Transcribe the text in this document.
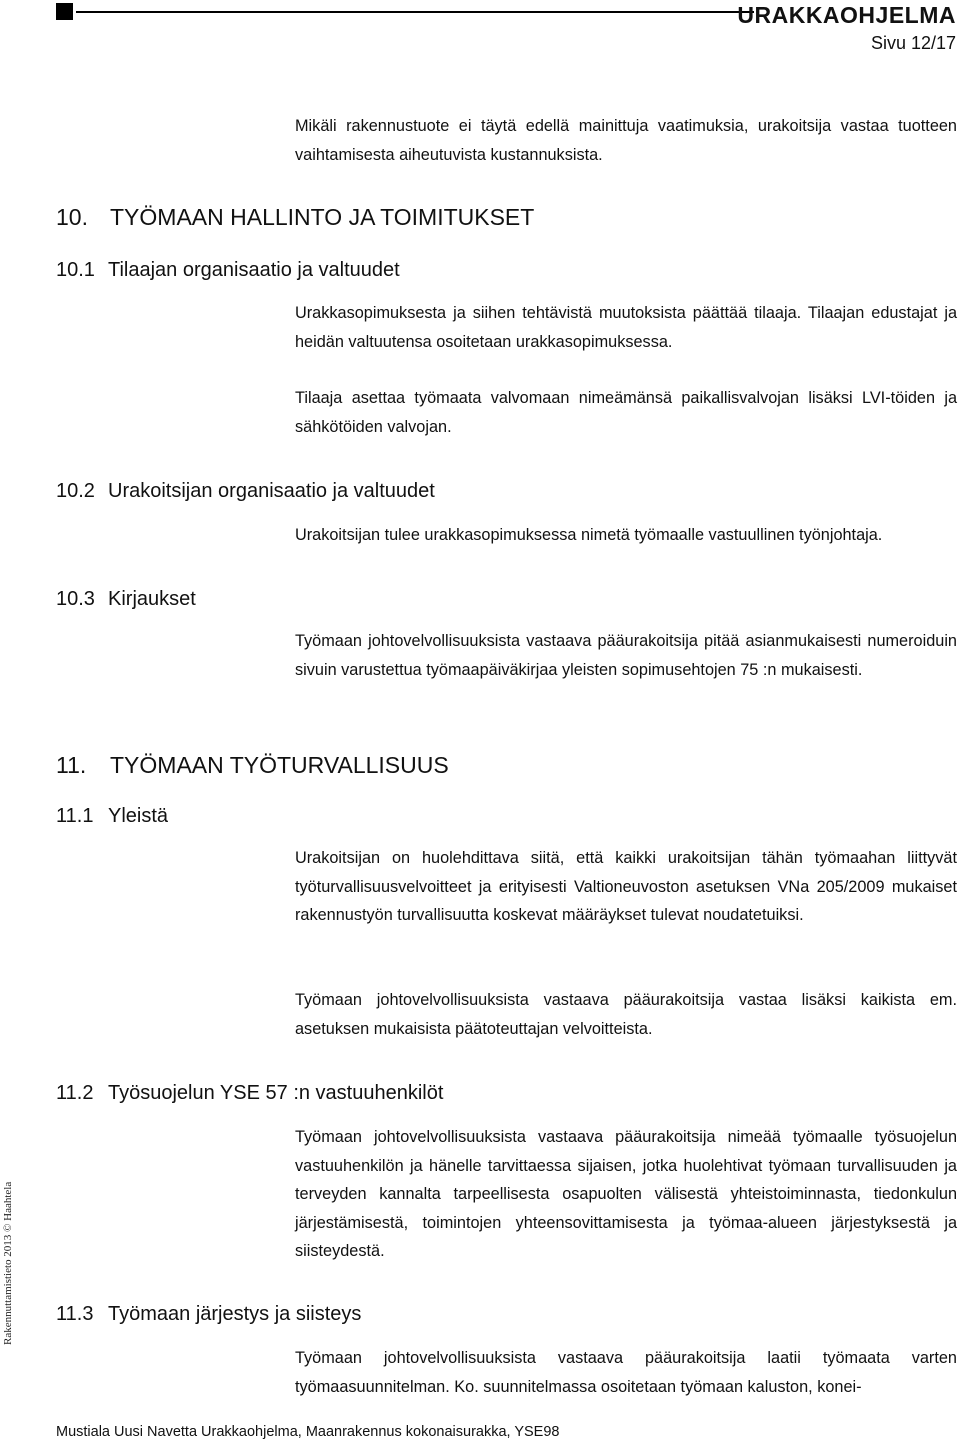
URAKKAOHJELMA
Sivu 12/17

Mikäli rakennustuote ei täytä edellä mainittuja vaatimuksia, urakoitsija vastaa tuotteen vaihtamisesta aiheutuvista kustannuksista.

10. TYÖMAAN HALLINTO JA TOIMITUKSET
10.1 Tilaajan organisaatio ja valtuudet

Urakkasopimuksesta ja siihen tehtävistä muutoksista päättää tilaaja. Tilaajan edustajat ja heidän valtuutensa osoitetaan urakkasopimuksessa.

Tilaaja asettaa työmaata valvomaan nimeämänsä paikallisvalvojan lisäksi LVI-töiden ja sähkötöiden valvojan.

10.2 Urakoitsijan organisaatio ja valtuudet

Urakoitsijan tulee urakkasopimuksessa nimetä työmaalle vastuullinen työnjohtaja.

10.3 Kirjaukset

Työmaan johtovelvollisuuksista vastaava pääurakoitsija pitää asianmukaisesti numeroiduin sivuin varustettua työmaapäiväkirjaa yleisten sopimusehtojen 75 :n mukaisesti.

11. TYÖMAAN TYÖTURVALLISUUS
11.1 Yleistä

Urakoitsijan on huolehdittava siitä, että kaikki urakoitsijan tähän työmaahan liittyvät työturvallisuusvelvoitteet ja erityisesti Valtioneuvoston asetuksen VNa 205/2009 mukaiset rakennustyön turvallisuutta koskevat määräykset tulevat noudatetuiksi.

Työmaan johtovelvollisuuksista vastaava pääurakoitsija vastaa lisäksi kaikista em. asetuksen mukaisista päätoteuttajan velvoitteista.

11.2 Työsuojelun YSE 57 :n vastuuhenkilöt

Työmaan johtovelvollisuuksista vastaava pääurakoitsija nimeää työmaalle työsuojelun vastuuhenkilön ja hänelle tarvittaessa sijaisen, jotka huolehtivat työmaan turvallisuuden ja terveyden kannalta tarpeellisesta osapuolten välisestä yhteistoiminnasta, tiedonkulun järjestämisestä, toimintojen yhteensovittamisesta ja työmaa-alueen järjestyksestä ja siisteydestä.

11.3 Työmaan järjestys ja siisteys

Työmaan johtovelvollisuuksista vastaava pääurakoitsija laatii työmaata varten työmaasuunnitelman. Ko. suunnitelmassa osoitetaan työmaan kaluston, konei-

Rakennuttamistieto 2013 © Haahtela
Mustiala Uusi Navetta Urakkaohjelma, Maanrakennus kokonaisurakka, YSE98
